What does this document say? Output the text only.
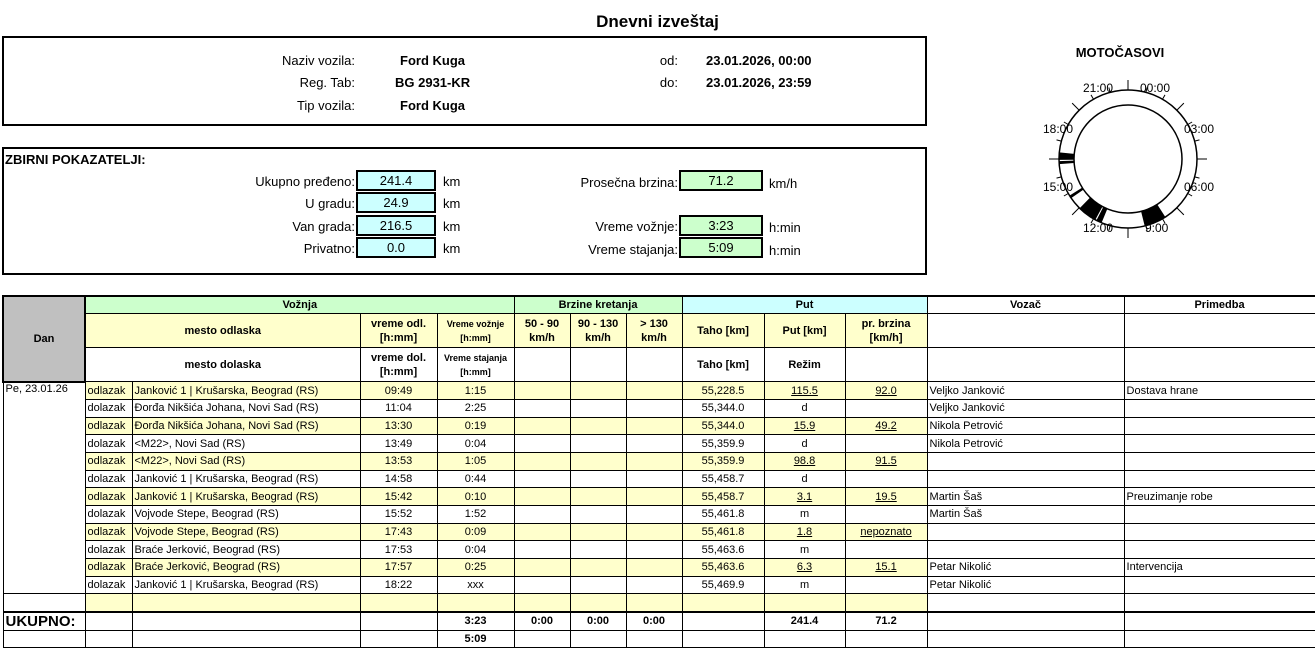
Dnevni izveštaj
Naziv vozila:	Ford Kuga
Reg. Tab:	BG 2931-KR
Tip vozila:	Ford Kuga
od: 23.01.2026, 00:00
do: 23.01.2026, 23:59
ZBIRNI POKAZATELJI:
Ukupno pređeno:	241.4	km
U gradu:	24.9	km
Van grada:	216.5	km
Privatno:	0.0	km
Prosečna brzina:	71.2	km/h
Vreme vožnje:	3:23	h:min
Vreme stajanja:	5:09	h:min
MOTOČASOVI
21:00 00:00
18:00	03:00
15:00	06:00
12:00	9:00
Dan	Vožnja				Brzine kretanja			Put			Vozač	Primedba
	mesto odlaska		vreme odl. [h:mm]	Vreme vožnje [h:mm]	50 - 90 km/h	90 - 130 km/h	> 130 km/h	Taho [km]	Put [km]	pr. brzina [km/h]		
	mesto dolaska		vreme dol. [h:mm]	Vreme stajanja [h:mm]				Taho [km]	Režim			
Pe, 23.01.26	odlazak	Janković 1 | Krušarska, Beograd (RS)	09:49	1:15				55,228.5	115.5	92.0	Veljko Janković	Dostava hrane
	dolazak	Đorđa Nikšića Johana, Novi Sad (RS)	11:04	2:25				55,344.0	d		Veljko Janković	
	odlazak	Đorđa Nikšića Johana, Novi Sad (RS)	13:30	0:19				55,344.0	15.9	49.2	Nikola Petrović	
	dolazak	<M22>, Novi Sad (RS)	13:49	0:04				55,359.9	d		Nikola Petrović	
	odlazak	<M22>, Novi Sad (RS)	13:53	1:05				55,359.9	98.8	91.5		
	dolazak	Janković 1 | Krušarska, Beograd (RS)	14:58	0:44				55,458.7	d			
	odlazak	Janković 1 | Krušarska, Beograd (RS)	15:42	0:10				55,458.7	3.1	19.5	Martin Šaš	Preuzimanje robe
	dolazak	Vojvode Stepe, Beograd (RS)	15:52	1:52				55,461.8	m		Martin Šaš	
	odlazak	Vojvode Stepe, Beograd (RS)	17:43	0:09				55,461.8	1.8	nepoznato		
	dolazak	Braće Jerković, Beograd (RS)	17:53	0:04				55,463.6	m			
	odlazak	Braće Jerković, Beograd (RS)	17:57	0:25				55,463.6	6.3	15.1	Petar Nikolić	Intervencija
	dolazak	Janković 1 | Krušarska, Beograd (RS)	18:22	xxx				55,469.9	m		Petar Nikolić	

UKUPNO:				3:23	0:00	0:00	0:00		241.4	71.2		
				5:09								
